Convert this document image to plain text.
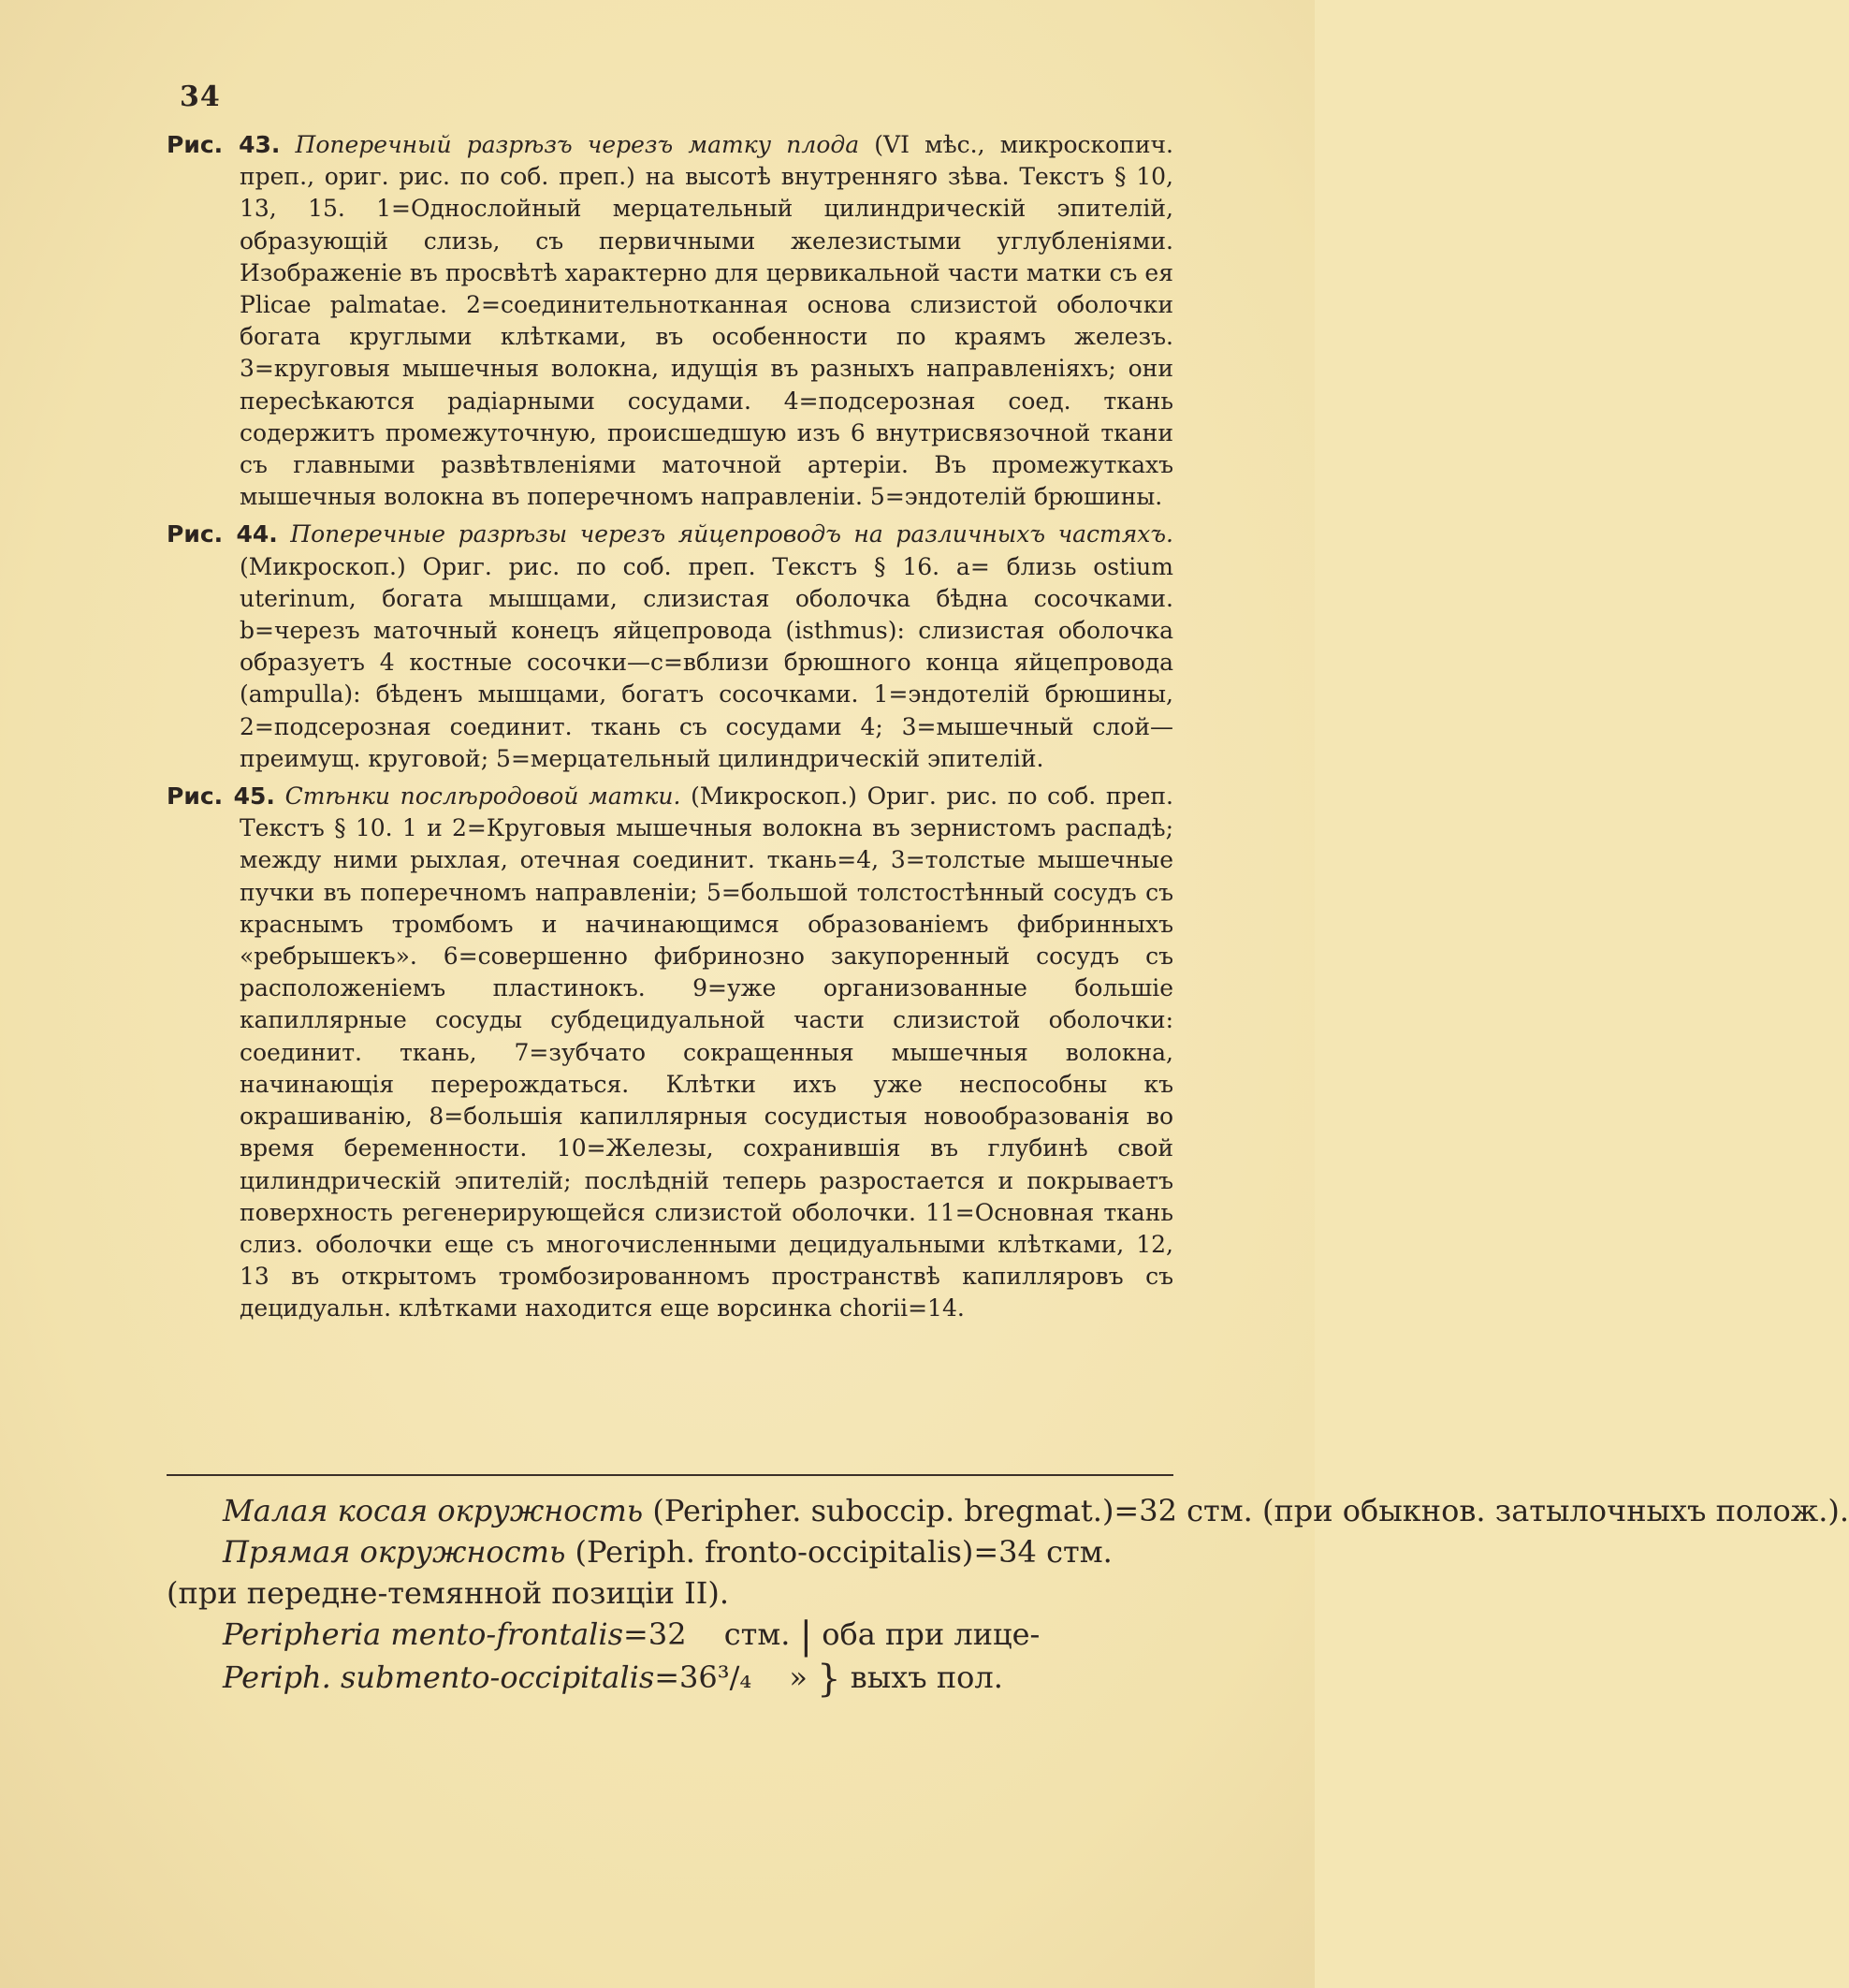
34

Рис. 43. Поперечный разрѣзъ черезъ матку плода (VI мѣс., микроскопич. преп., ориг. рис. по соб. преп.) на высотѣ внутренняго зѣва. Текстъ § 10, 13, 15. 1=Однослойный мерцательный цилиндрическій эпителій, образующій слизь, съ первичными железистыми углубленіями. Изображеніе въ просвѣтѣ характерно для цервикальной части матки съ ея Plicae palmatae. 2=соединительнотканная основа слизистой оболочки богата круглыми клѣтками, въ особенности по краямъ железъ. 3=круговыя мышечныя волокна, идущія въ разныхъ направленіяхъ; они пересѣкаются радіарными сосудами. 4=подсерозная соед. ткань содержитъ промежуточную, происшедшую изъ 6 внутрисвязочной ткани съ главными развѣтвленіями маточной артеріи. Въ промежуткахъ мышечныя волокна въ поперечномъ направленіи. 5=эндотелій брюшины.

Рис. 44. Поперечные разрѣзы черезъ яйцепроводъ на различныхъ частяхъ. (Микроскоп.) Ориг. рис. по соб. преп. Текстъ § 16. a= близь ostium uterinum, богата мышцами, слизистая оболочка бѣдна сосочками. b=черезъ маточный конецъ яйцепровода (isthmus): слизистая оболочка образуетъ 4 костные сосочки—c=вблизи брюшного конца яйцепровода (ampulla): бѣденъ мышцами, богатъ сосочками. 1=эндотелій брюшины, 2=подсерозная соединит. ткань съ сосудами 4; 3=мышечный слой—преимущ. круговой; 5=мерцательный цилиндрическій эпителій.

Рис. 45. Стѣнки послѣродовой матки. (Микроскоп.) Ориг. рис. по соб. преп. Текстъ § 10. 1 и 2=Круговыя мышечныя волокна въ зернистомъ распадѣ; между ними рыхлая, отечная соединит. ткань=4, 3=толстые мышечные пучки въ поперечномъ направленіи; 5=большой толстостѣнный сосудъ съ краснымъ тромбомъ и начинающимся образованіемъ фибринныхъ «ребрышекъ». 6=совершенно фибринозно закупоренный сосудъ съ расположеніемъ пластинокъ. 9=уже организованные большіе капиллярные сосуды субдецидуальной части слизистой оболочки: соединит. ткань, 7=зубчато сокращенныя мышечныя волокна, начинающія перерождаться. Клѣтки ихъ уже неспособны къ окрашиванію, 8=большія капиллярныя сосудистыя новообразованія во время беременности. 10=Железы, сохранившія въ глубинѣ свой цилиндрическій эпителій; послѣдній теперь разростается и покрываетъ поверхность регенерирующейся слизистой оболочки. 11=Основная ткань слиз. оболочки еще съ многочисленными децидуальными клѣтками, 12, 13 въ открытомъ тромбозированномъ пространствѣ капилляровъ съ децидуальн. клѣтками находится еще ворсинка chorii=14.

Малая косая окружность (Peripher. suboccip. bregmat.)=32 стм. (при обыкнов. затылочныхъ полож.).

Прямая окружность (Periph. fronto-occipitalis)=34 стм.

(при передне-темянной позиціи II).

Peripheria mento-frontalis=32 стм. | оба при лице-

Periph. submento-occipitalis=36³/₄ » } выхъ пол.
